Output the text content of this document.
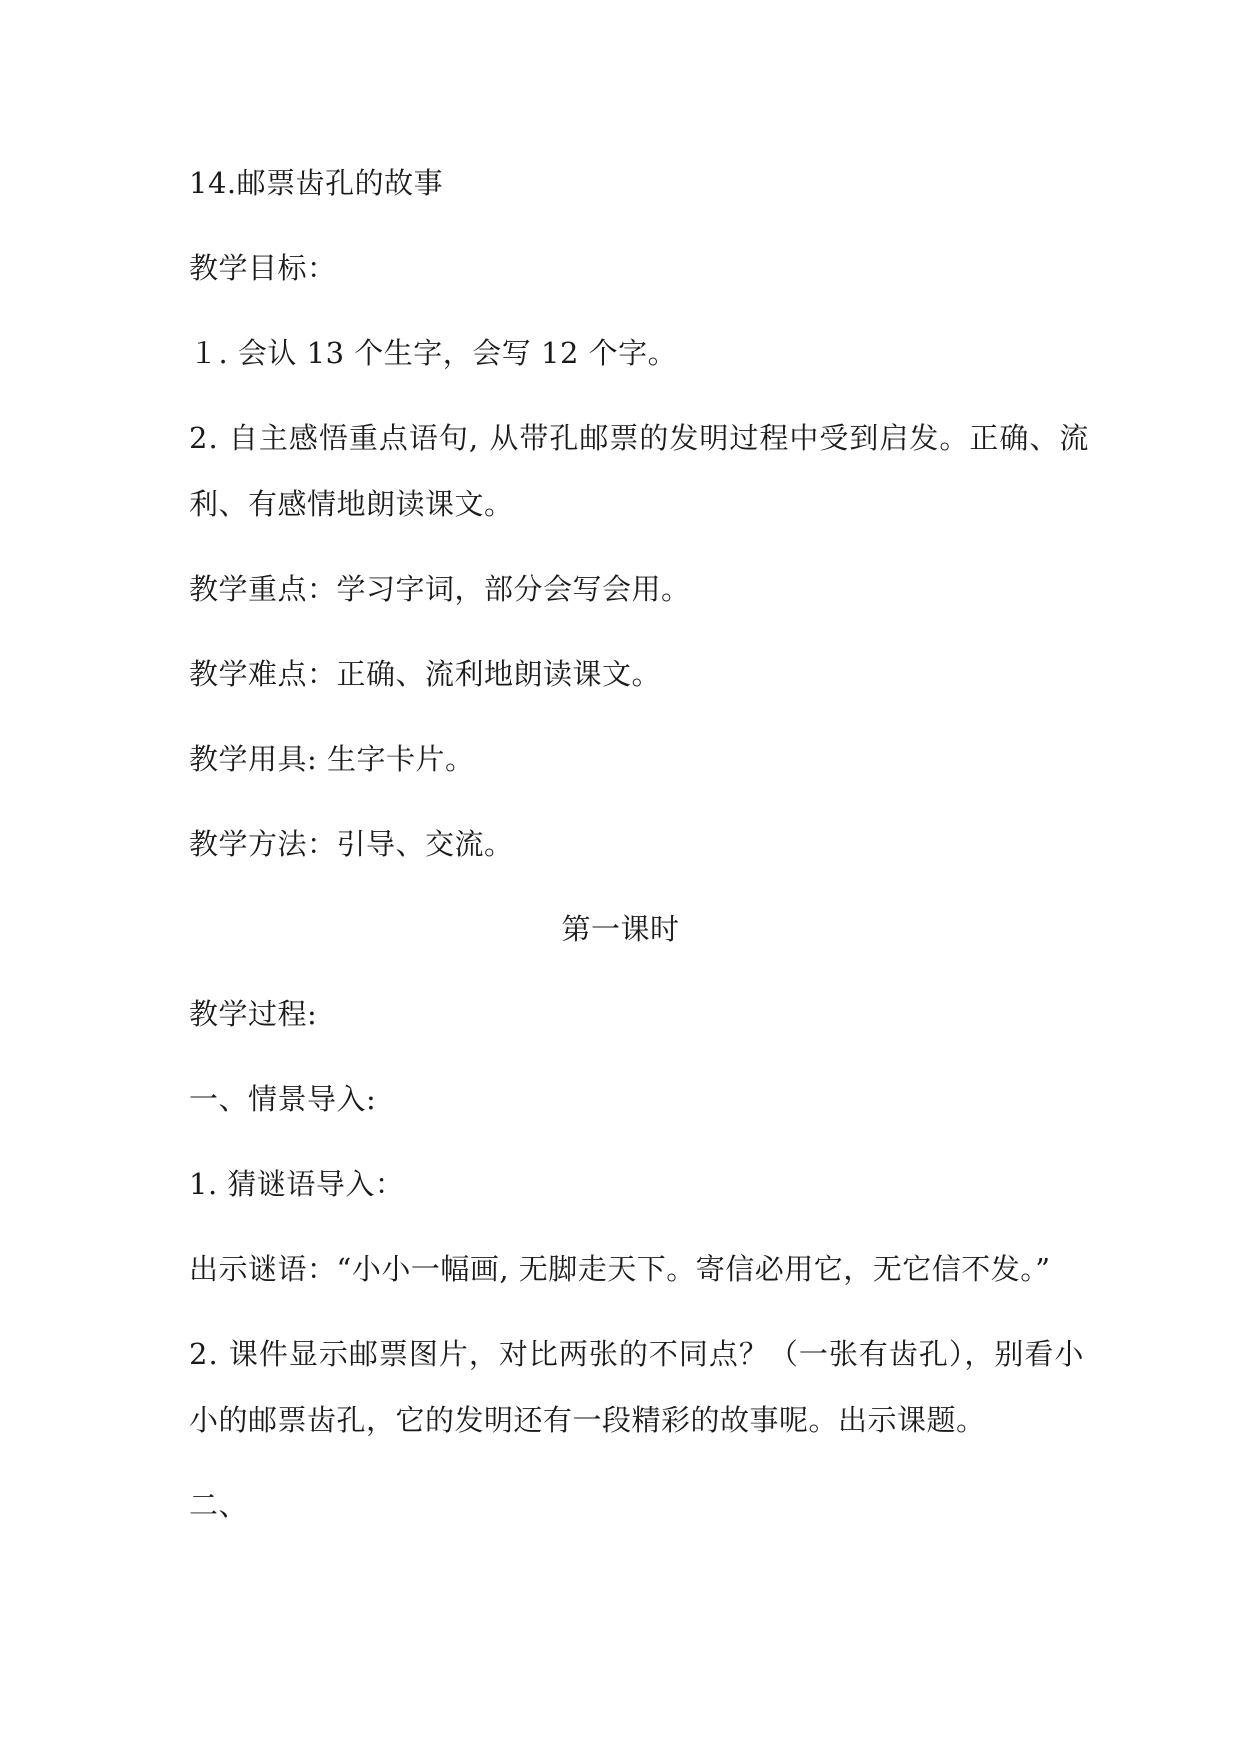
14.邮票齿孔的故事
教学目标：
１. 会认 13 个生字，会写 12 个字。
2. 自主感悟重点语句, 从带孔邮票的发明过程中受到启发。正确、流
利、有感情地朗读课文。
教学重点：学习字词，部分会写会用。
教学难点：正确、流利地朗读课文。
教学用具: 生字卡片。
教学方法：引导、交流。
第一课时
教学过程:
一、情景导入:
1. 猜谜语导入：
出示谜语：“小小一幅画, 无脚走天下。寄信必用它，无它信不发。”
2. 课件显示邮票图片，对比两张的不同点？（一张有齿孔），别看小
小的邮票齿孔，它的发明还有一段精彩的故事呢。出示课题。
二、
